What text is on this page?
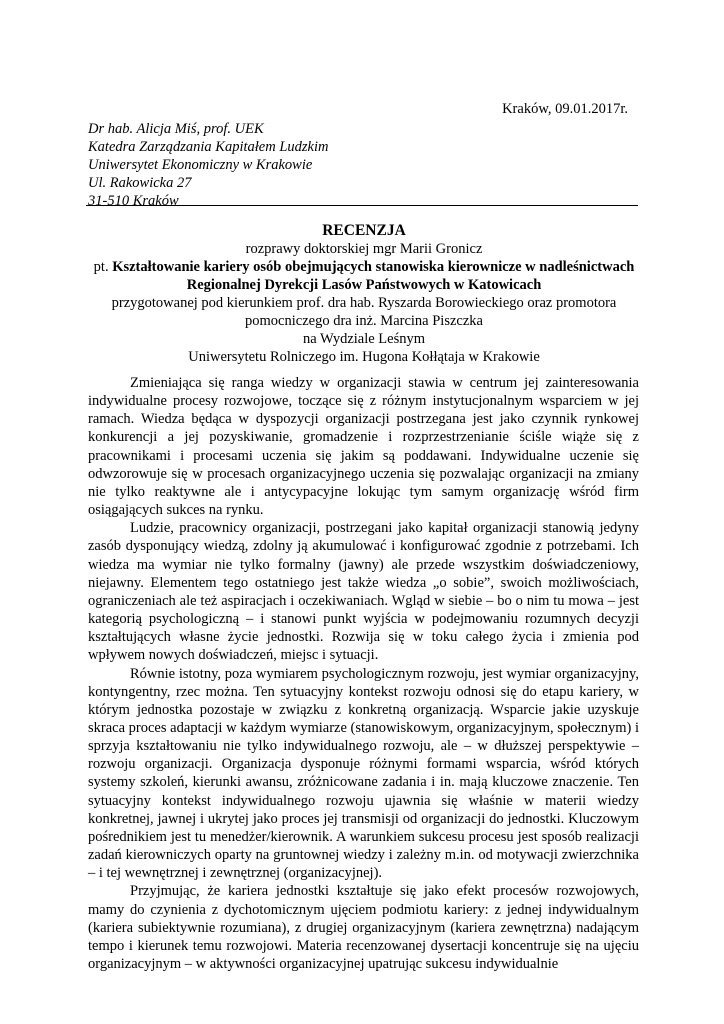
Kraków, 09.01.2017r.
Dr hab. Alicja Miś, prof. UEK
Katedra Zarządzania Kapitałem Ludzkim
Uniwersytet Ekonomiczny w Krakowie
Ul. Rakowicka 27
31-510 Kraków
RECENZJA
rozprawy doktorskiej mgr Marii Gronicz
pt. Kształtowanie kariery osób obejmujących stanowiska kierownicze w nadleśnictwach
Regionalnej Dyrekcji Lasów Państwowych w Katowicach
przygotowanej pod kierunkiem prof. dra hab. Ryszarda Borowieckiego oraz promotora
pomocniczego dra inż. Marcina Piszczka
na Wydziale Leśnym
Uniwersytetu Rolniczego im. Hugona Kołłątaja w Krakowie

Zmieniająca się ranga wiedzy w organizacji stawia w centrum jej zainteresowania indywidualne procesy rozwojowe, toczące się z różnym instytucjonalnym wsparciem w jej ramach. Wiedza będąca w dyspozycji organizacji postrzegana jest jako czynnik rynkowej konkurencji a jej pozyskiwanie, gromadzenie i rozprzestrzenianie ściśle wiąże się z pracownikami i procesami uczenia się jakim są poddawani. Indywidualne uczenie się odwzorowuje się w procesach organizacyjnego uczenia się pozwalając organizacji na zmiany nie tylko reaktywne ale i antycypacyjne lokując tym samym organizację wśród firm osiągających sukces na rynku.

Ludzie, pracownicy organizacji, postrzegani jako kapitał organizacji stanowią jedyny zasób dysponujący wiedzą, zdolny ją akumulować i konfigurować zgodnie z potrzebami. Ich wiedza ma wymiar nie tylko formalny (jawny) ale przede wszystkim doświadczeniowy, niejawny. Elementem tego ostatniego jest także wiedza „o sobie”, swoich możliwościach, ograniczeniach ale też aspiracjach i oczekiwaniach. Wgląd w siebie – bo o nim tu mowa – jest kategorią psychologiczną – i stanowi punkt wyjścia w podejmowaniu rozumnych decyzji kształtujących własne życie jednostki. Rozwija się w toku całego życia i zmienia pod wpływem nowych doświadczeń, miejsc i sytuacji.

Równie istotny, poza wymiarem psychologicznym rozwoju, jest wymiar organizacyjny, kontyngentny, rzec można. Ten sytuacyjny kontekst rozwoju odnosi się do etapu kariery, w którym jednostka pozostaje w związku z konkretną organizacją. Wsparcie jakie uzyskuje skraca proces adaptacji w każdym wymiarze (stanowiskowym, organizacyjnym, społecznym) i sprzyja kształtowaniu nie tylko indywidualnego rozwoju, ale – w dłuższej perspektywie – rozwoju organizacji. Organizacja dysponuje różnymi formami wsparcia, wśród których systemy szkoleń, kierunki awansu, zróżnicowane zadania i in. mają kluczowe znaczenie. Ten sytuacyjny kontekst indywidualnego rozwoju ujawnia się właśnie w materii wiedzy konkretnej, jawnej i ukrytej jako proces jej transmisji od organizacji do jednostki. Kluczowym pośrednikiem jest tu menedżer/kierownik. A warunkiem sukcesu procesu jest sposób realizacji zadań kierowniczych oparty na gruntownej wiedzy i zależny m.in. od motywacji zwierzchnika – i tej wewnętrznej i zewnętrznej (organizacyjnej).

Przyjmując, że kariera jednostki kształtuje się jako efekt procesów rozwojowych, mamy do czynienia z dychotomicznym ujęciem podmiotu kariery: z jednej indywidualnym (kariera subiektywnie rozumiana), z drugiej organizacyjnym (kariera zewnętrzna) nadającym tempo i kierunek temu rozwojowi. Materia recenzowanej dysertacji koncentruje się na ujęciu organizacyjnym – w aktywności organizacyjnej upatrując sukcesu indywidualnie
